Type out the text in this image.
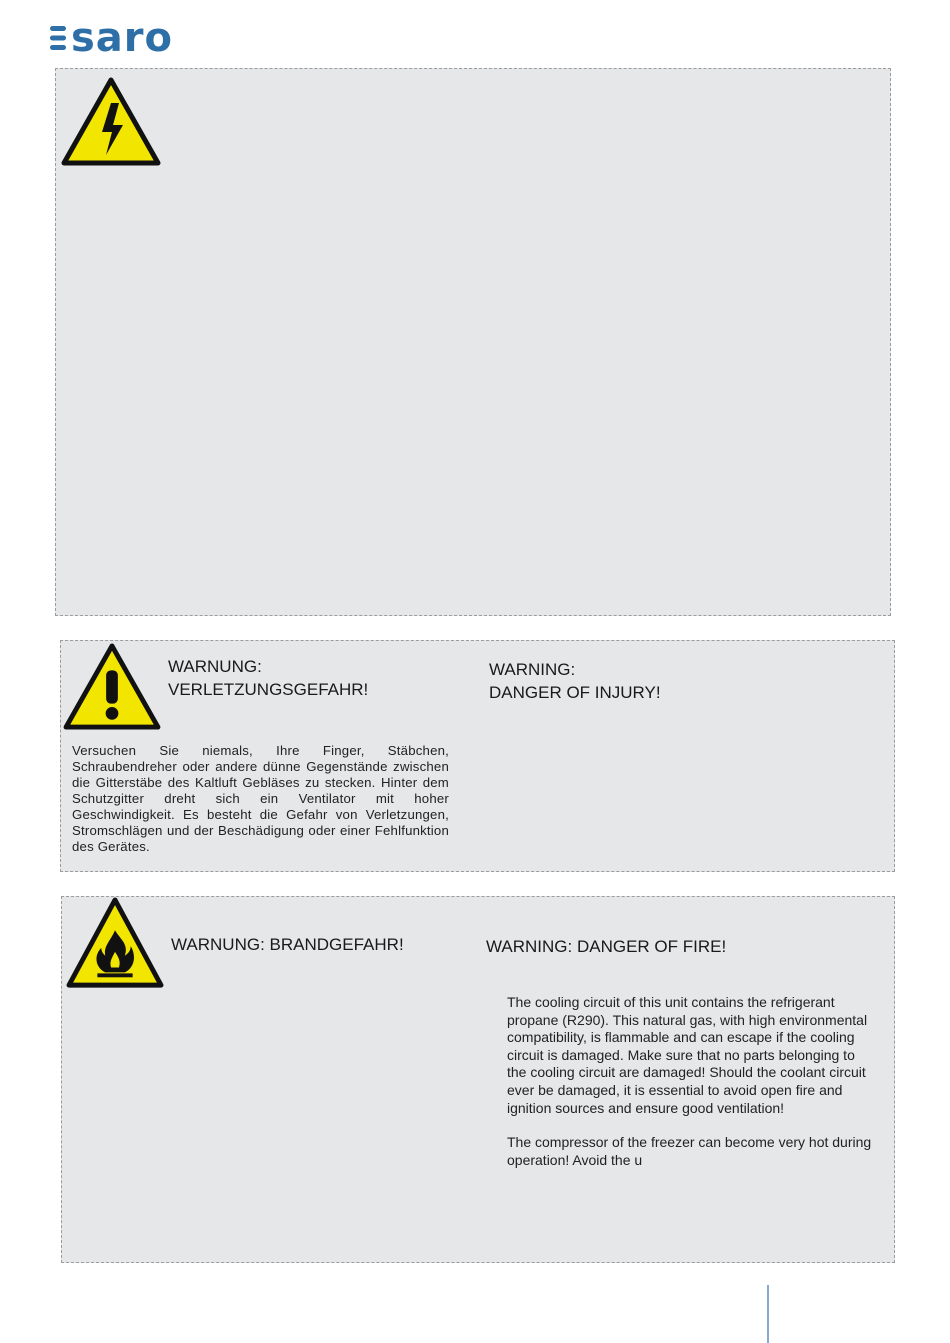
saro
WARNUNG:
VERLETZUNGSGEFAHR!
WARNING:
DANGER OF INJURY!
Versuchen Sie niemals, Ihre Finger, Stäbchen, Schraubendreher oder andere dünne Gegenstände zwischen die Gitterstäbe des Kaltluft Gebläses zu stecken. Hinter dem Schutzgitter dreht sich ein Ventilator mit hoher Geschwindigkeit. Es besteht die Gefahr von Verletzungen, Stromschlägen und der Beschädigung oder einer Fehlfunktion des Gerätes.
WARNUNG: BRANDGEFAHR!	WARNING: DANGER OF FIRE!

The cooling circuit of this unit contains the refrigerant propane (R290). This natural gas, with high environmental compatibility, is flammable and can escape if the cooling circuit is damaged. Make sure that no parts belonging to the cooling circuit are damaged! Should the coolant circuit ever be damaged, it is essential to avoid open fire and ignition sources and ensure good ventilation!

The compressor of the freezer can become very hot during operation! Avoid the u
